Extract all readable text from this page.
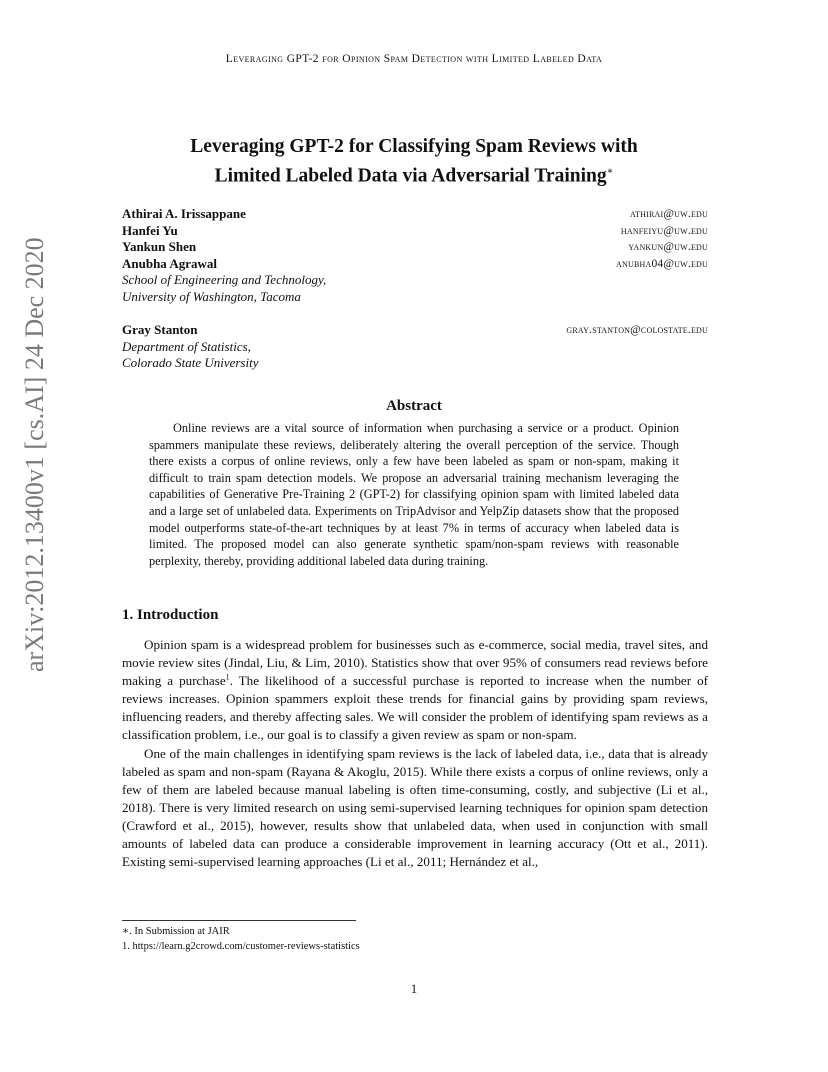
Leveraging GPT-2 for Opinion Spam Detection with Limited Labeled Data
arXiv:2012.13400v1 [cs.AI] 24 Dec 2020
Leveraging GPT-2 for Classifying Spam Reviews with
Limited Labeled Data via Adversarial Training∗
Athirai A. Irissappane	athirai@uw.edu
Hanfei Yu	hanfeiyu@uw.edu
Yankun Shen	yankun@uw.edu
Anubha Agrawal	anubha04@uw.edu
School of Engineering and Technology,
University of Washington, Tacoma
Gray Stanton	gray.stanton@colostate.edu
Department of Statistics,
Colorado State University
Abstract
Online reviews are a vital source of information when purchasing a service or a product. Opinion spammers manipulate these reviews, deliberately altering the overall perception of the service. Though there exists a corpus of online reviews, only a few have been labeled as spam or non-spam, making it difficult to train spam detection models. We propose an adversarial training mechanism leveraging the capabilities of Generative Pre-Training 2 (GPT-2) for classifying opinion spam with limited labeled data and a large set of unlabeled data. Experiments on TripAdvisor and YelpZip datasets show that the proposed model outperforms state-of-the-art techniques by at least 7% in terms of accuracy when labeled data is limited. The proposed model can also generate synthetic spam/non-spam reviews with reasonable perplexity, thereby, providing additional labeled data during training.
1. Introduction

Opinion spam is a widespread problem for businesses such as e-commerce, social media, travel sites, and movie review sites (Jindal, Liu, & Lim, 2010). Statistics show that over 95% of consumers read reviews before making a purchase$^1$. The likelihood of a successful purchase is reported to increase when the number of reviews increases. Opinion spammers exploit these trends for financial gains by providing spam reviews, influencing readers, and thereby affecting sales. We will consider the problem of identifying spam reviews as a classification problem, i.e., our goal is to classify a given review as spam or non-spam.

One of the main challenges in identifying spam reviews is the lack of labeled data, i.e., data that is already labeled as spam and non-spam (Rayana & Akoglu, 2015). While there exists a corpus of online reviews, only a few of them are labeled because manual labeling is often time-consuming, costly, and subjective (Li et al., 2018). There is very limited research on using semi-supervised learning techniques for opinion spam detection (Crawford et al., 2015), however, results show that unlabeled data, when used in conjunction with small amounts of labeled data can produce a considerable improvement in learning accuracy (Ott et al., 2011). Existing semi-supervised learning approaches (Li et al., 2011; Hernández et al.,

∗. In Submission at JAIR
1. https://learn.g2crowd.com/customer-reviews-statistics
1
